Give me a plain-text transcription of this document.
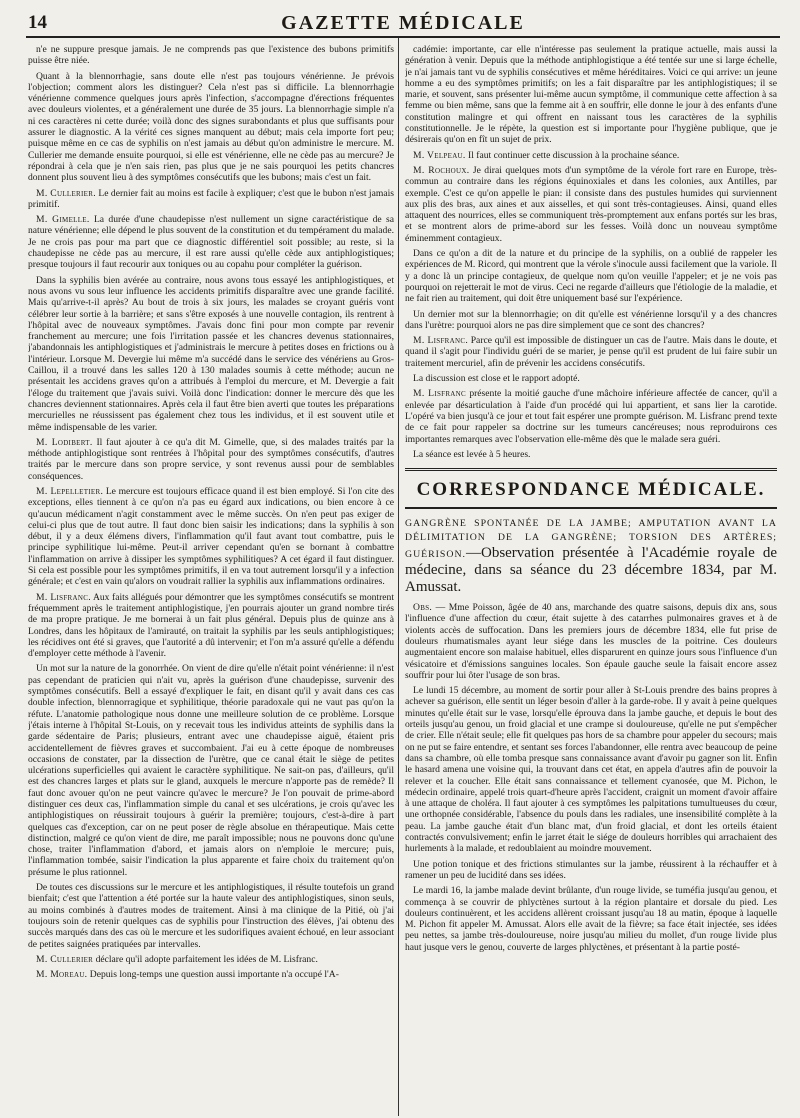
14	GAZETTE MÉDICALE

n'e ne suppure presque jamais. Je ne comprends pas que l'existence des bubons primitifs puisse être niée.

Quant à la blennorrhagie, sans doute elle n'est pas toujours vénérienne. Je prévois l'objection; comment alors les distinguer? Cela n'est pas si difficile. La blennorrhagie vénérienne commence quelques jours après l'infection, s'accompagne d'érections fréquentes avec douleurs violentes, et a généralement une durée de 35 jours. La blennorrhagie simple n'a ni ces caractères ni cette durée; voilà donc des signes surabondants et plus que suffisants pour assurer le diagnostic. A la vérité ces signes manquent au début; mais cela importe fort peu; puisque même en ce cas de syphilis on n'est jamais au début qu'on administre le mercure. M. Cullerier me demande ensuite pourquoi, si elle est vénérienne, elle ne cède pas au mercure? Je répondrai à cela que je n'en sais rien, pas plus que je ne sais pourquoi les petits chancres donnent plus souvent lieu à des symptômes consécutifs que les bubons; mais c'est un fait.

M. Cullerier. Le dernier fait au moins est facile à expliquer; c'est que le bubon n'est jamais primitif.

M. Gimelle. La durée d'une chaudepisse n'est nullement un signe caractéristique de sa nature vénérienne; elle dépend le plus souvent de la constitution et du tempérament du malade. Je ne crois pas pour ma part que ce diagnostic différentiel soit possible; au reste, si la chaudepisse ne cède pas au mercure, il est rare aussi qu'elle cède aux antiphlogistiques; presque toujours il faut recourir aux toniques ou au copahu pour compléter la guérison.

Dans la syphilis bien avérée au contraire, nous avons tous essayé les antiphlogistiques, et nous avons vu sous leur influence les accidents primitifs disparaître avec une grande facilité. Mais qu'arrive-t-il après? Au bout de trois à six jours, les malades se croyant guéris vont célébrer leur sortie à la barrière; et sans s'être exposés à une nouvelle contagion, ils rentrent à l'hôpital avec de nouveaux symptômes. J'avais donc fini pour mon compte par revenir franchement au mercure; une fois l'irritation passée et les chancres devenus stationnaires, j'abandonnais les antiphlogistiques et j'administrais le mercure à petites doses en frictions ou à l'intérieur. Lorsque M. Devergie lui même m'a succédé dans le service des vénériens au Gros-Caillou, il a trouvé dans les salles 120 à 130 malades soumis à cette méthode; aucun ne présentait les accidens graves qu'on a attribués à l'emploi du mercure, et M. Devergie a fait l'éloge du traitement que j'avais suivi. Voilà donc l'indication: donner le mercure dès que les chancres deviennent stationnaires. Après cela il faut être bien averti que toutes les préparations mercurielles ne réussissent pas également chez tous les individus, et il est souvent utile et même indispensable de les varier.

M. Lodibert. Il faut ajouter à ce qu'a dit M. Gimelle, que, si des malades traités par la méthode antiphlogistique sont rentrées à l'hôpital pour des symptômes consécutifs, d'autres traités par le mercure dans son propre service, y sont revenus aussi pour de semblables conséquences.

M. Lepelletier. Le mercure est toujours efficace quand il est bien employé. Si l'on cite des exceptions, elles tiennent à ce qu'on n'a pas eu égard aux indications, ou bien encore à ce qu'aucun médicament n'agit constamment avec le même succès. On n'en peut pas exiger de celui-ci plus que de tout autre. Il faut donc bien saisir les indications; dans la syphilis à son début, il y a deux élémens divers, l'inflammation qu'il faut avant tout combattre, puis le principe syphilitique lui-même. Peut-il arriver cependant qu'en se bornant à combattre l'inflammation on arrive à dissiper les symptômes syphilitiques? A cet égard il faut distinguer. Si cela est possible pour les symptômes primitifs, il en va tout autrement lorsqu'il y a infection générale; et c'est en vain qu'alors on voudrait rallier la syphilis aux inflammations ordinaires.

M. Lisfranc. Aux faits allégués pour démontrer que les symptômes consécutifs se montrent fréquemment après le traitement antiphlogistique, j'en pourrais ajouter un grand nombre tirés de ma propre pratique. Je me bornerai à un fait plus général. Depuis plus de quinze ans à Londres, dans les hôpitaux de l'amirauté, on traitait la syphilis par les seuls antiphlogistiques; les récidives ont été si graves, que l'autorité a dû intervenir; et l'on m'a assuré qu'elle a défendu d'employer cette méthode à l'avenir.

Un mot sur la nature de la gonorrhée. On vient de dire qu'elle n'était point vénérienne: il n'est pas cependant de praticien qui n'ait vu, après la guérison d'une chaudepisse, survenir des symptômes consécutifs. Bell a essayé d'expliquer le fait, en disant qu'il y avait dans ces cas double infection, blennorragique et syphilitique, théorie paradoxale qui ne vaut pas qu'on la réfute. L'anatomie pathologique nous donne une meilleure solution de ce problème. Lorsque j'étais interne à l'hôpital St-Louis, on y recevait tous les individus atteints de syphilis dans la garde sédentaire de Paris; plusieurs, entrant avec une chaudepisse aiguë, étaient pris accidentellement de fièvres graves et succombaient. J'ai eu à cette époque de nombreuses occasions de constater, par la dissection de l'urètre, que ce canal était le siège de petites ulcérations superficielles qui avaient le caractère syphilitique. Ne sait-on pas, d'ailleurs, qu'il est des chancres larges et plats sur le gland, auxquels le mercure n'apporte pas de remède? Il faut donc avouer qu'on ne peut vaincre qu'avec le mercure? Je l'on pouvait de prime-abord distinguer ces deux cas, l'inflammation simple du canal et ses ulcérations, je crois qu'avec les antiphlogistiques on réussirait toujours à guérir la première; toujours, c'est-à-dire à part quelques cas d'exception, car on ne peut poser de règle absolue en thérapeutique. Mais cette distinction, malgré ce qu'on vient de dire, me paraît impossible; nous ne pouvons donc qu'une chose, traiter l'inflammation d'abord, et jamais alors on n'emploie le mercure; puis, l'inflammation tombée, saisir l'indication la plus apparente et faire choix du traitement qu'on présume le plus rationnel.

De toutes ces discussions sur le mercure et les antiphlogistiques, il résulte toutefois un grand bienfait; c'est que l'attention a été portée sur la haute valeur des antiphlogistiques, sinon seuls, au moins combinés à d'autres modes de traitement. Ainsi à ma clinique de la Pitié, où j'ai toujours soin de retenir quelques cas de syphilis pour l'instruction des élèves, j'ai obtenu des succès marqués dans des cas où le mercure et les sudorifiques avaient échoué, en leur associant de petites saignées pratiquées par intervalles.

M. Cullerier déclare qu'il adopte parfaitement les idées de M. Lisfranc.

M. Moreau. Depuis long-temps une question aussi importante n'a occupé l'A-

cadémie: importante, car elle n'intéresse pas seulement la pratique actuelle, mais aussi la génération à venir. Depuis que la méthode antiphlogistique a été tentée sur une si large échelle, je n'ai jamais tant vu de syphilis consécutives et même héréditaires. Voici ce qui arrive: un jeune homme a eu des symptômes primitifs; on les a fait disparaître par les antiphlogistiques; il se marie, et souvent, sans présenter lui-même aucun symptôme, il communique cette affection à sa femme ou bien même, sans que la femme ait à en souffrir, elle donne le jour à des enfants d'une constitution malingre et qui offrent en naissant tous les caractères de la syphilis constitutionnelle. Je le répète, la question est si importante pour l'hygiène publique, que je désirerais qu'on en fît un sujet de prix.

M. Velpeau. Il faut continuer cette discussion à la prochaine séance.

M. Rochoux. Je dirai quelques mots d'un symptôme de la vérole fort rare en Europe, très-commun au contraire dans les régions équinoxiales et dans les colonies, aux Antilles, par exemple. C'est ce qu'on appelle le pian: il consiste dans des pustules humides qui surviennent aux plis des bras, aux aines et aux aisselles, et qui sont très-contagieuses. Ainsi, quand elles attaquent des nourrices, elles se communiquent très-promptement aux enfans portés sur les bras, et se montrent alors de prime-abord sur les fesses. Voilà donc un nouveau symptôme éminemment contagieux.

Dans ce qu'on a dit de la nature et du principe de la syphilis, on a oublié de rappeler les expériences de M. Ricord, qui montrent que la vérole s'inocule aussi facilement que la variole. Il y a donc là un principe contagieux, de quelque nom qu'on veuille l'appeler; et je ne vois pas pourquoi on rejetterait le mot de virus. Ceci ne regarde d'ailleurs que l'étiologie de la maladie, et ne fait rien au traitement, qui doit être uniquement basé sur l'expérience.

Un dernier mot sur la blennorrhagie; on dit qu'elle est vénérienne lorsqu'il y a des chancres dans l'urètre: pourquoi alors ne pas dire simplement que ce sont des chancres?

M. Lisfranc. Parce qu'il est impossible de distinguer un cas de l'autre. Mais dans le doute, et quand il s'agit pour l'individu guéri de se marier, je pense qu'il est prudent de lui faire subir un traitement mercuriel, afin de prévenir les accidens consécutifs.

La discussion est close et le rapport adopté.

M. Lisfranc présente la moitié gauche d'une mâchoire inférieure affectée de cancer, qu'il a enlevée par désarticulation à l'aide d'un procédé qui lui appartient, et sans lier la carotide. L'opéré va bien jusqu'à ce jour et tout fait espérer une prompte guérison. M. Lisfranc prend texte de ce fait pour rappeler sa doctrine sur les tumeurs cancéreuses; nous reproduirons ces importantes remarques avec l'observation elle-même dès que le malade sera guéri.

La séance est levée à 5 heures.

CORRESPONDANCE MÉDICALE.

GANGRÈNE SPONTANÉE DE LA JAMBE; AMPUTATION AVANT LA DÉLIMITATION DE LA GANGRÈNE; TORSION DES ARTÈRES; GUÉRISON.—Observation présentée à l'Académie royale de médecine, dans sa séance du 23 décembre 1834, par M. Amussat.

Obs. — Mme Poisson, âgée de 40 ans, marchande des quatre saisons, depuis dix ans, sous l'influence d'une affection du cœur, était sujette à des catarrhes pulmonaires graves et à de violents accès de suffocation. Dans les premiers jours de décembre 1834, elle fut prise de douleurs rhumatismales ayant leur siége dans les muscles de la poitrine. Ces douleurs augmentaient encore son malaise habituel, elles disparurent en quinze jours sous l'influence d'un vésicatoire et d'émissions sanguines locales. Son épaule gauche seule la faisait encore assez souffrir pour lui ôter l'usage de son bras.

Le lundi 15 décembre, au moment de sortir pour aller à St-Louis prendre des bains propres à achever sa guérison, elle sentit un léger besoin d'aller à la garde-robe. Il y avait à peine quelques minutes qu'elle était sur le vase, lorsqu'elle éprouva dans la jambe gauche, et depuis le bout des orteils jusqu'au genou, un froid glacial et une crampe si douloureuse, qu'elle ne put s'empêcher de crier. Elle n'était seule; elle fit quelques pas hors de sa chambre pour appeler du secours; mais on ne put se faire entendre, et sentant ses forces l'abandonner, elle rentra avec beaucoup de peine dans sa chambre, où elle tomba presque sans connaissance avant d'avoir pu gagner son lit. Enfin le hasard amena une voisine qui, la trouvant dans cet état, en appela d'autres afin de pouvoir la relever et la coucher. Elle était sans connaissance et tellement cyanosée, que M. Pichon, le médecin ordinaire, appelé trois quart-d'heure après l'accident, craignit un moment d'avoir affaire à une attaque de choléra. Il faut ajouter à ces symptômes les palpitations tumultueuses du cœur, une orthopnée considérable, l'absence du pouls dans les radiales, une insensibilité complète à la peau. La jambe gauche était d'un blanc mat, d'un froid glacial, et dont les orteils étaient contractés convulsivement; enfin le jarret était le siége de douleurs horribles qui arrachaient des hurlements à la malade, et redoublaient au moindre mouvement.

Une potion tonique et des frictions stimulantes sur la jambe, réussirent à la réchauffer et à ramener un peu de lucidité dans ses idées.

Le mardi 16, la jambe malade devint brûlante, d'un rouge livide, se tuméfia jusqu'au genou, et commença à se couvrir de phlyctènes surtout à la région plantaire et dorsale du pied. Les douleurs continuèrent, et les accidens allèrent croissant jusqu'au 18 au matin, époque à laquelle M. Pichon fit appeler M. Amussat. Alors elle avait de la fièvre; sa face était injectée, ses idées peu nettes, sa jambe très-douloureuse, noire jusqu'au milieu du mollet, d'un rouge livide plus haut jusque vers le genou, couverte de larges phlyctènes, et présentant à la partie posté-
